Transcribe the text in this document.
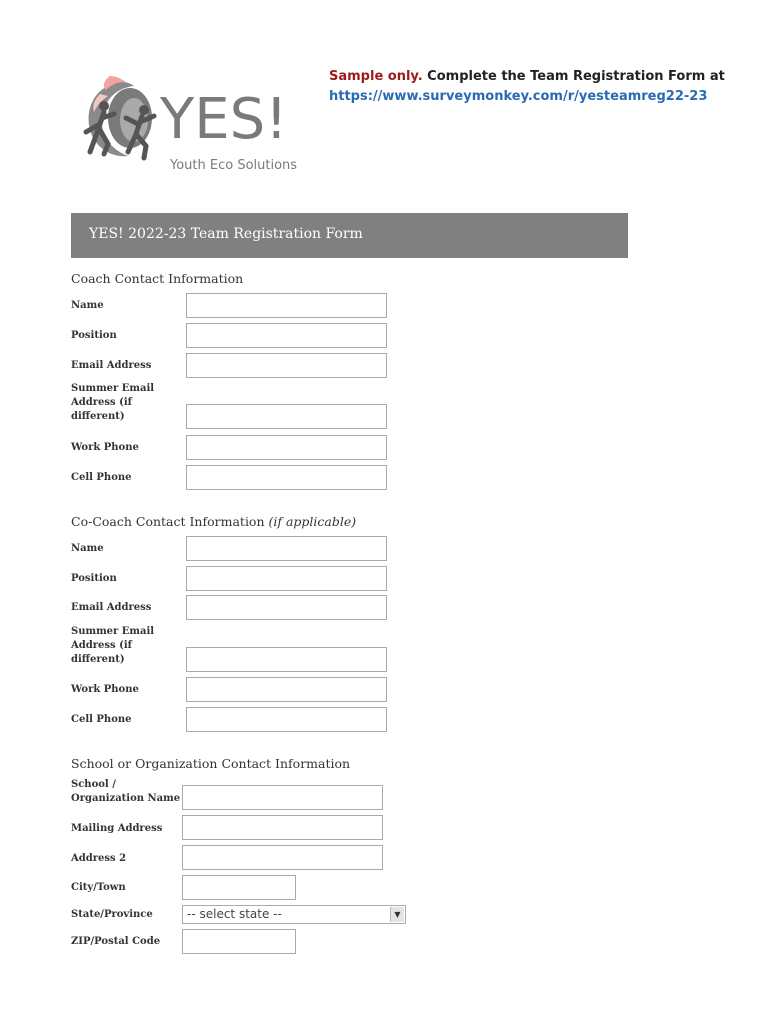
Sample only. Complete the Team Registration Form at
https://www.surveymonkey.com/r/yesteamreg22-23
YES!
Youth Eco Solutions
YES! 2022-23 Team Registration Form
Coach Contact Information
Name
Position
Email Address
Summer Email Address (if different)
Work Phone
Cell Phone
Co-Coach Contact Information (if applicable)
Name
Position
Email Address
Summer Email Address (if different)
Work Phone
Cell Phone
School or Organization Contact Information
School / Organization Name
Mailing Address
Address 2
City/Town
State/Province	-- select state --	▼
ZIP/Postal Code
